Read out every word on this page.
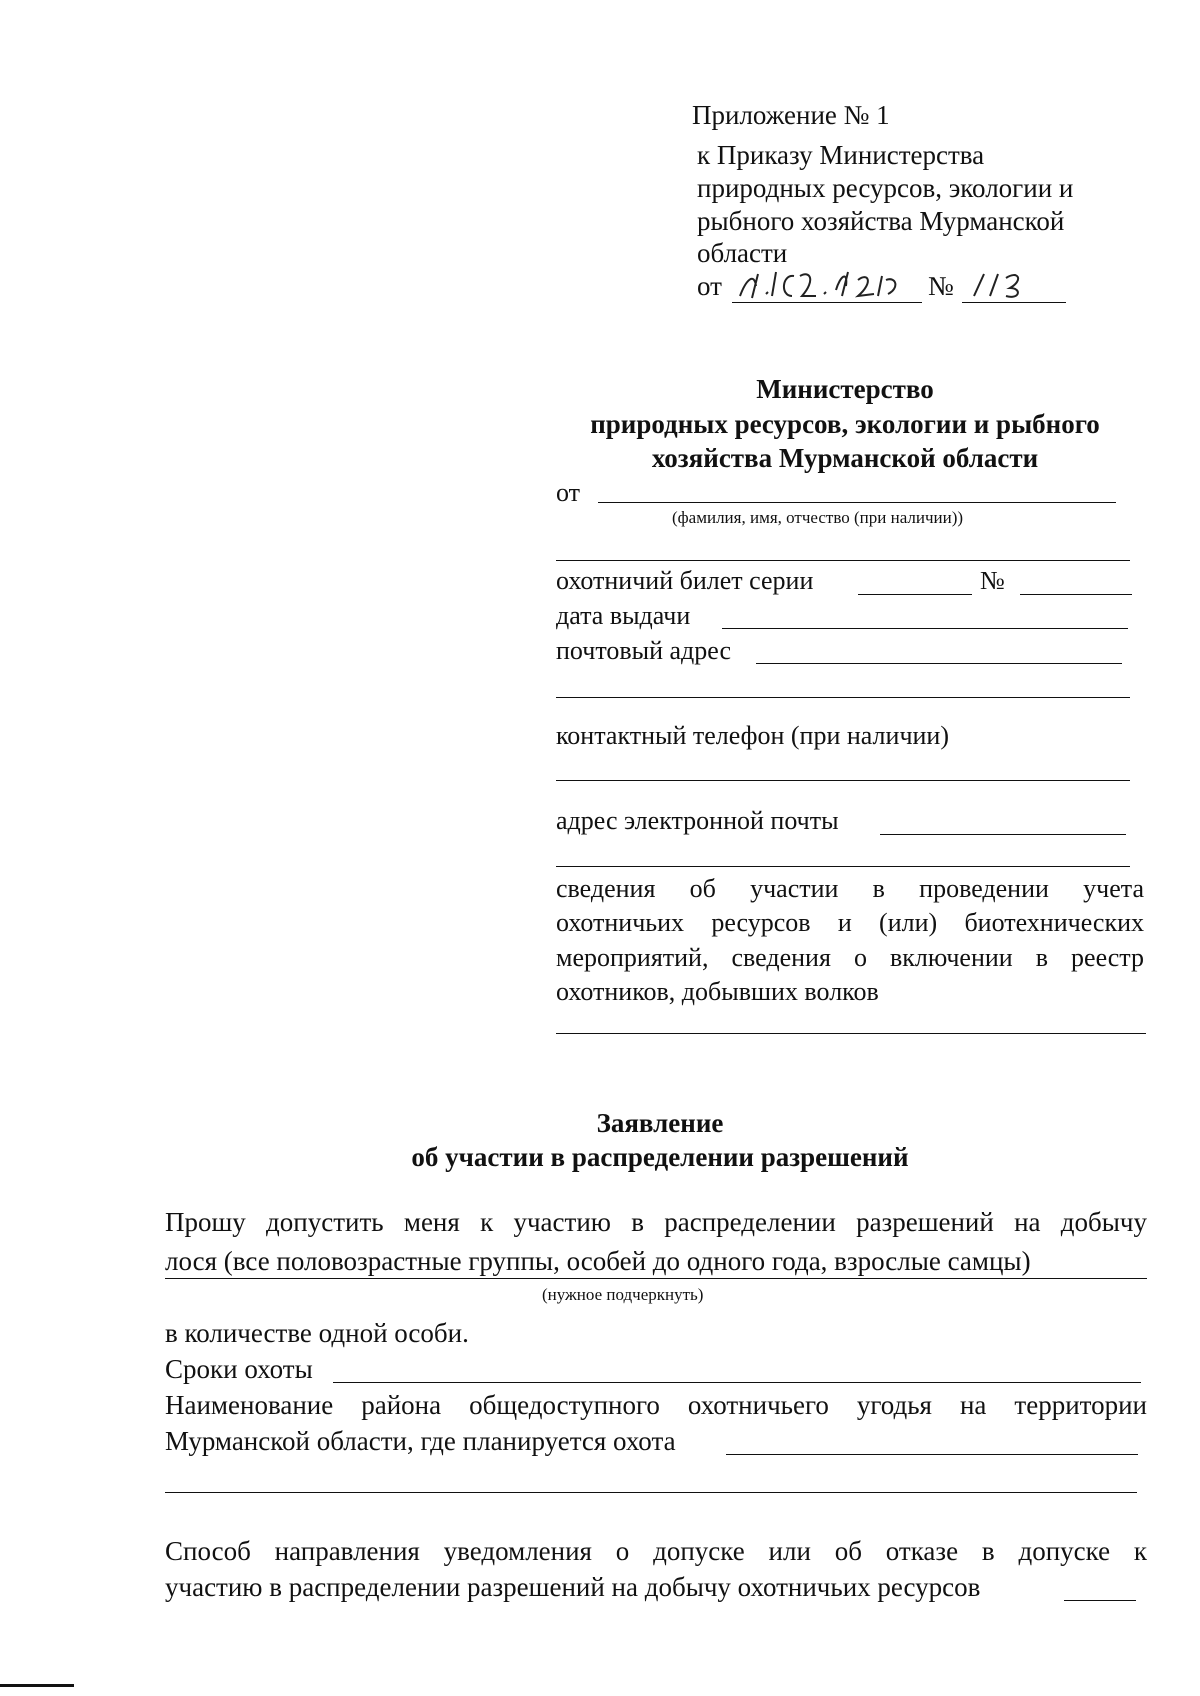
Приложение № 1
к Приказу Министерства
природных ресурсов, экологии и
рыбного хозяйства Мурманской
области
от	№
Министерство
природных ресурсов, экологии и рыбного
хозяйства Мурманской области
от
(фамилия, имя, отчество (при наличии))
охотничий билет серии	№
дата выдачи
почтовый адрес
контактный телефон (при наличии)
адрес электронной почты
сведения об участии в проведении учета
охотничьих ресурсов и (или) биотехнических
мероприятий, сведения о включении в реестр
охотников, добывших волков
Заявление
об участии в распределении разрешений
Прошу допустить меня к участию в распределении разрешений на добычу
лося (все половозрастные группы, особей до одного года, взрослые самцы)
(нужное подчеркнуть)
в количестве одной особи.
Сроки охоты
Наименование района общедоступного охотничьего угодья на территории
Мурманской области, где планируется охота
Способ направления уведомления о допуске или об отказе в допуске к
участию в распределении разрешений на добычу охотничьих ресурсов
